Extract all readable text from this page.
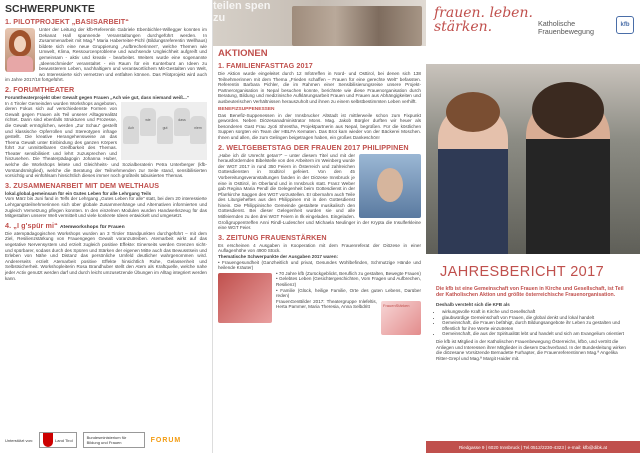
SCHWERPUNKTE
1. PILOTPROJEKT „BASISARBEIT“

Unter der Leitung der kfb-Referentin Gabriele Ebenbichler-Willegger konnten im Dekanat Hall spannende Veranstaltungen durchgeführt werden. In Zusammenarbeit mit Mag.ª Maria Haberreiter-Pichl (Bildungsreferentin Wellhaus) bildete sich eine neue Gruppierung „Aufbrecherinnen“, welche Themen wie Umwelt, Klima, Ressourcenprobleme und wachsende Ungleichheit aufgreift und gemeinsam - aktiv und kreativ - bearbeitet. Weiters wurde eine sogenannte „Ideenschmiede“ veranstaltet - ein Raum für ein Kunterbunt an Ideen zu bewussterem Leben, nachhaltigem und verantwortlichem Mit-Gestalten von Welt, wo Interessierte sich vernetzen und entfalten können. Das Pilotprojekt wird auch im Jahre 2017/18 fortgeführt.

2. FORUMTHEATER

Forumtheaterprojekt über Gewalt gegen Frauen „Ach wie gut, dass niemand weiß...“

Ach
wie
gut
dass
niem

In 4 Tiroler Gemeinden wurden Workshops angeboten, deren Fokus sich auf verschiedenste Formen von Gewalt gegen Frauen als Teil unserer Alltagsrealität richtet. Darin sind ebenfalls Strukturen und Prozesse, die Gewalt ermöglichen, werden „Zur Schau“ gestellt und klassische Opferrollen und Stereotypen infrage gestellt. Die kreative Herangehensweise an das Thema Gewalt unter Einbindung des ganzen Körpers führt zur unmittelbaren Greifbarkeit des Themas. Theater sensibilisiert und lehrt zuzusprechen und hinzusehen. Die Theaterpädagogin Johanna Huber, welche die Workshops leitete und Gleichheits- und Sozialberaterin Petra Unterberger (kfb-Vorstandsmitglied), welche die Beratung der Teilnehmenden zur Seite stand, sensibilisierten vorsichtig und einfühlsam hinsichtlich dieses immer noch großteils tabuisierten Themas.

3. ZUSAMMENARBEIT MIT DEM WELTHAUS

lokal.global.gemeinsam für ein Gutes Leben für alle Lehrgang Teils

Vom März bis Juni fand in Telfs der Lehrgang „Gutes Leben für alle“ statt, bei dem 20 interessierte Lehrgangsteilnehmerinnen sich über globale Zusammenhänge und Alternativen informierten und zugleich Vernetzung pflegen konnten. In den einzelnen Modulen wurden Handwerkszeug für das Mitgestalten unserer Welt vermittelt und viele konkrete Ideen entwickelt und umgesetzt.

4. „I g'spür mi“ Atemworkshops für Frauen

Die atempädagogischen Workshops wurden an 3 Tiroler Standpunkten durchgeführt – mit dem Ziel, Resilienzstärkung von Frauengegen Gewalt voranzutreiben. Atemarbeit wirkt auf das vegetative Nervensystem und erzielt zugleich positive Effekte: Einerseits werden Grenzen sicht- und spürbarer, sodass durch des Spüren und Stärken der eigenen Mitte auch das Bewusstsein und Erleben von Nähe und Distanz das persönliche Umfeld deutlicher wahrgenommen wird. Andererseits erzielt Atemarbeit positive Effekte hinsichtlich Ruhe, Gelassenheit und Selbstsicherheit. Workshopleiterin Rosa Brandhuber stellt den Atem als Kraftquelle, welche nahe jeder Activ genutzt werden darf und durch leicht umzusetzende Übungen im Alltag integriert werden kann.

Unterstützt von:	Land Tirol	Bundesministerium für Bildung und Frauen	FORUM
teilen spen zu
AKTIONEN
1. FAMILIENFASTTAG 2017

Die Aktion wurde eingeleitet durch 12 Infotreffen in Nord- und Osttirol, bei denen sich 138 Teilnehmerinnen mit dem Thema „Frieden schaffen – Frauen für eine gerechte Welt“ befassten. Referentin Barbara Pichler, die im Rahmen einer Sensibilisierungsreise unsere Projekt-Partnerorganisation in Nepal besuchen konnte, berichtete wie diese Frauenorganisation durch Beratung, Bildung und medizinische Aufklärungsarbeit Frauen und Frauen aus Abhängigkeiten und ausbeuterischen Verhältnissen herauszuholt und ihnen zu einem selbstbestimmten Leben verhilft.

BENEFIZSUPPENESSEN

Das Benefiz-Suppenessen in der Innsbrucker Altstadt ist mittlerweile schon zum Fixpunkt geworden. Neben Diözesanadministrator Mons. Mag. Jakob Bürgler durften wir heuer als besonderen Gast Frau Jyoti Shrestha, Projektpartnerin aus Nepal, begrüßen. Für die köstlichen Suppen sorgten ein Team der HBLFA Kematen. Das Brot kam wieder von der Bäckerei Moschen. Ihnen und allen, die zum Gelingen beigetragen haben, ein großes Dankeschön!

2. WELTGEBETSTAG DER FRAUEN 2017 PHILIPPINEN

„Habe ich dir Unrecht getan?“ – unter diesem Titel und mit der herausfordernden Bibelstelle von den Arbeitern im Weinberg wurde der WGT 2017 in rund 350 Feiern in Österreich und zahlreichen Gottesdiensten in Südtirol gefeiert. Von den 45 Vorbereitungsveranstaltungen fanden in der Diözese Innsbruck je eine in Osttirol, im Oberland und in Innsbruck statt. Franz Weber gab Regina Maria Pendl die Gelegenheit beim Gottesdienst in der Pfarrkirche Saggen den WGT vorzustellen. Er übernahm auch Teile des Liturgieheftes aus den Philippinen mit in den Gottesdienst hinein. Die Philippinische Gemeinde gestaltete musikalisch den Gottesdienst. Bei dieser Gelegenheit wurden sie und alle Mitfeiernden zu den drei WGT Feiern in Ilk eingeladen. Eingeladen. Großgruppentreffen Anni Rindl-Ludescher und Michaela Neulinger in der Krypta die Insulferkleine eine WGT Feier.

3. ZEITUNG FRAUENSTÄRKEN

Es erscheinen 4 Ausgaben in Kooperation mit dem Frauenreferat der Diözese in einer Auflagenhöhe von 4900 Stück.

Thematische Schwerpunkte der Ausgaben 2017 waren:

• Frauengesundheit (Ganzheitlich und privat, Gesundes Wohlbefinden, Schmutzige Hände und heilende Kräuter)

• 70 Jahre kfb (Zurückgeblickt, Beruflich zu gestalten, Bewegte Frauen)

• Gelebtes Leben (Gesichtergeschichten, Vom Fragen und Aufbrechen, Resilienz)

• Familie (Glück, heilige Familie, Orte des guten Lebens, Darüber reden)

FrauenStärken

FrauenGenBilder 2017: Theatergruppe Inlefeltis, Herta Pammer, Maria Theresia, Anna Selbdritt

frauen. leben. stärken.	Katholische
Frauenbewegung
kfb
JAHRESBERICHT 2017
Die kfb ist eine Gemeinschaft von Frauen in Kirche und Gesellschaft, ist Teil der Katholischen Aktion und größte österreichische Frauenorganisation.
Deshalb versteht sich die KFB als
• wirkungsvolle Kraft in Kirche und Gesellschaft
• glaubwürdige Gemeinschaft von Frauen, die global denkt und lokal handelt
• Gemeinschaft, die Frauen befähigt, durch Bildungsangebote ihr Leben zu gestalten und öffentlich für ihre Werte einzutreten
• Gemeinschaft, die aus der Spiritualität lebt und handelt und sich am Evangelium orientiert
Die kfb ist Mitglied in der Katholischen Frauenbewegung Österreichs, kfbö, und vertritt die Anliegen und Interessen ihrer Mitglieder in diesem Dachverband. In der Bundesleitung wirken die diözesane Vorsitzende Bernadette Furhapter, die Frauenreferentinnen Mag.ª Angelika Ritter-Grepl und Mag.ª Margit Haider mit.
Riedgasse 9 | 6020 Innsbruck | Tel.0512/2230-4323 | e-mail: kfb@dibk.at
